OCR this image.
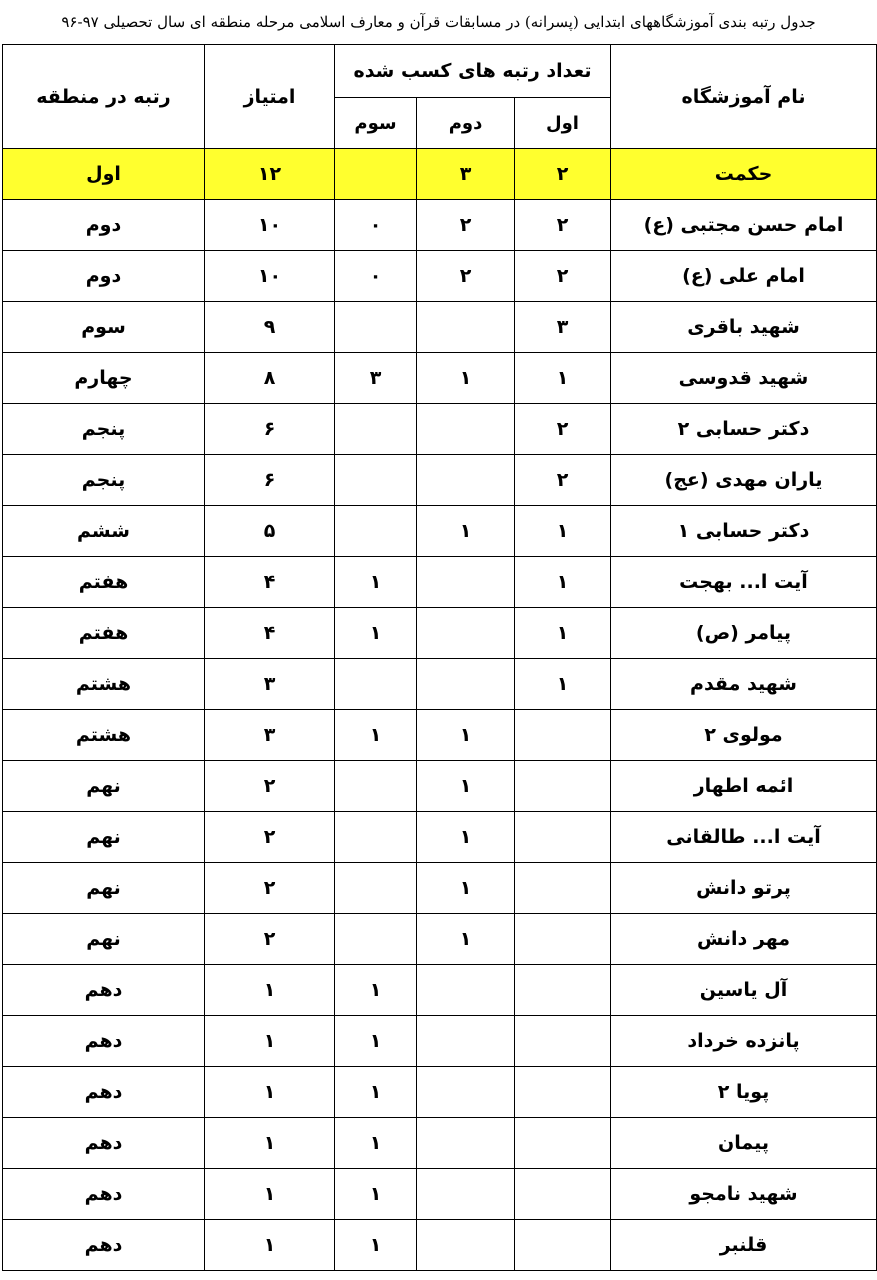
جدول رتبه بندی آموزشگاههای ابتدایی (پسرانه) در مسابقات قرآن و معارف اسلامی مرحله منطقه ای سال تحصیلی ۹۷-۹۶
نام آموزشگاه	تعداد رتبه های کسب شده			امتیاز	رتبه در منطقه
	اول	دوم	سوم		
حکمت	۲	۳		۱۲	اول
امام حسن مجتبی (ع)	۲	۲	۰	۱۰	دوم
امام علی (ع)	۲	۲	۰	۱۰	دوم
شهید باقری	۳			۹	سوم
شهید قدوسی	۱	۱	۳	۸	چهارم
دکتر حسابی ۲	۲			۶	پنجم
یاران مهدی (عج)	۲			۶	پنجم
دکتر حسابی ۱	۱	۱		۵	ششم
آیت ا... بهجت	۱		۱	۴	هفتم
پیامر (ص)	۱		۱	۴	هفتم
شهید مقدم	۱			۳	هشتم
مولوی ۲		۱	۱	۳	هشتم
ائمه اطهار		۱		۲	نهم
آیت ا... طالقانی		۱		۲	نهم
پرتو دانش		۱		۲	نهم
مهر دانش		۱		۲	نهم
آل یاسین			۱	۱	دهم
پانزده خرداد			۱	۱	دهم
پویا ۲			۱	۱	دهم
پیمان			۱	۱	دهم
شهید نامجو			۱	۱	دهم
قلنبر			۱	۱	دهم
